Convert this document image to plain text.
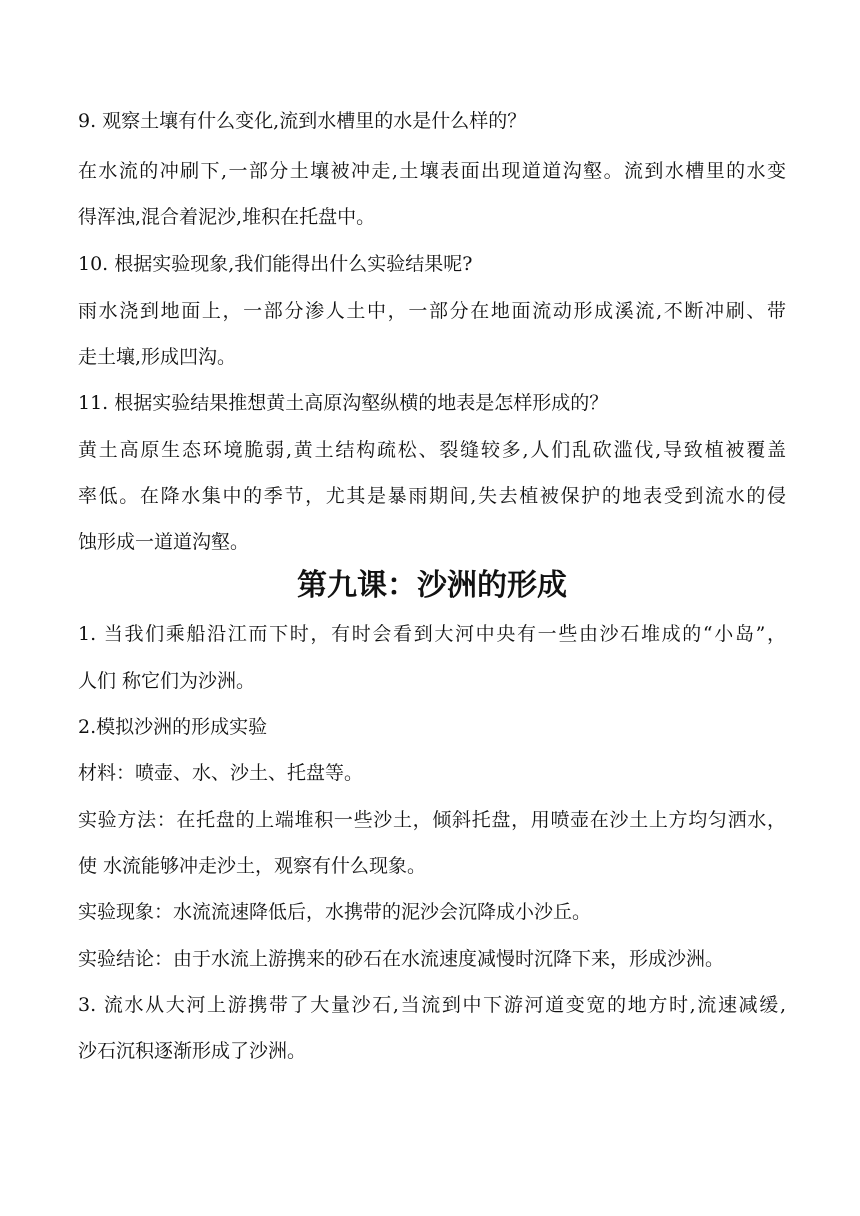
9. 观察土壤有什么变化,流到水槽里的水是什么样的？

在水流的冲刷下,一部分土壤被冲走,土壤表面出现道道沟壑。流到水槽里的水变

得浑浊,混合着泥沙,堆积在托盘中。

10. 根据实验现象,我们能得出什么实验结果呢?

雨水浇到地面上，一部分渗人土中，一部分在地面流动形成溪流,不断冲刷、带

走土壤,形成凹沟。

11. 根据实验结果推想黄土高原沟壑纵横的地表是怎样形成的？

黄土高原生态环境脆弱,黄土结构疏松、裂缝较多,人们乱砍滥伐,导致植被覆盖

率低。在降水集中的季节，尤其是暴雨期间,失去植被保护的地表受到流水的侵

蚀形成一道道沟壑。

第九课：沙洲的形成

1. 当我们乘船沿江而下时，有时会看到大河中央有一些由沙石堆成的“小岛”，

人们 称它们为沙洲。

2.模拟沙洲的形成实验

材料：喷壶、水、沙土、托盘等。

实验方法：在托盘的上端堆积一些沙土，倾斜托盘，用喷壶在沙土上方均匀洒水，

使 水流能够冲走沙土，观察有什么现象。

实验现象：水流流速降低后，水携带的泥沙会沉降成小沙丘。

实验结论：由于水流上游携来的砂石在水流速度减慢时沉降下来，形成沙洲。

3. 流水从大河上游携带了大量沙石,当流到中下游河道变宽的地方时,流速减缓,

沙石沉积逐渐形成了沙洲。
